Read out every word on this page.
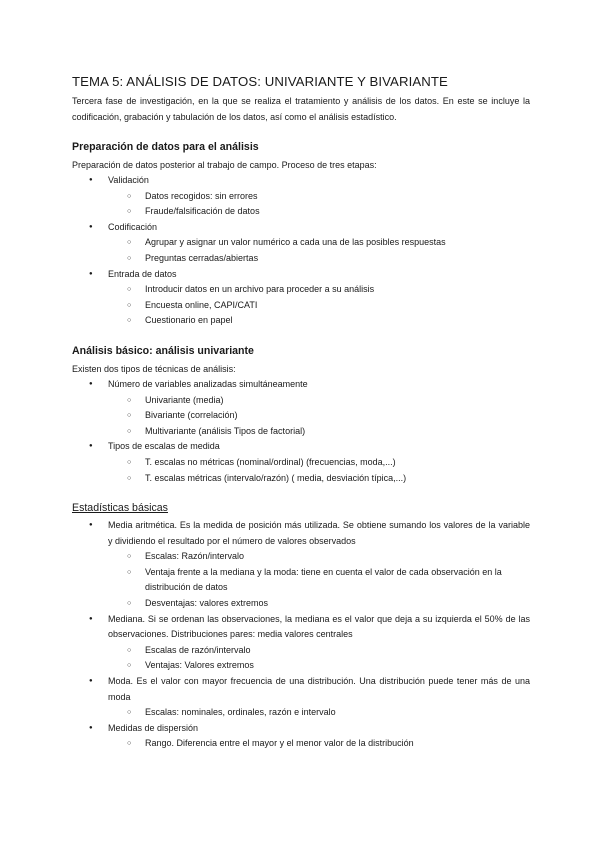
TEMA 5: ANÁLISIS DE DATOS: UNIVARIANTE Y BIVARIANTE

Tercera fase de investigación, en la que se realiza el tratamiento y análisis de los datos. En este se incluye la codificación, grabación y tabulación de los datos, así como el análisis estadístico.

Preparación de datos para el análisis

Preparación de datos posterior al trabajo de campo. Proceso de tres etapas:

● Validación
○ Datos recogidos: sin errores
○ Fraude/falsificación de datos
● Codificación
○ Agrupar y asignar un valor numérico a cada una de las posibles respuestas
○ Preguntas cerradas/abiertas
● Entrada de datos
○ Introducir datos en un archivo para proceder a su análisis
○ Encuesta online, CAPI/CATI
○ Cuestionario en papel
Análisis básico: análisis univariante

Existen dos tipos de técnicas de análisis:

● Número de variables analizadas simultáneamente
○ Univariante (media)
○ Bivariante (correlación)
○ Multivariante (análisis Tipos de factorial)
● Tipos de escalas de medida
○ T. escalas no métricas (nominal/ordinal) (frecuencias, moda,...)
○ T. escalas métricas (intervalo/razón) ( media, desviación típica,...)
Estadísticas básicas
● Media aritmética. Es la medida de posición más utilizada. Se obtiene sumando los valores de la variable y dividiendo el resultado por el número de valores observados
○ Escalas: Razón/intervalo
○ Ventaja frente a la mediana y la moda: tiene en cuenta el valor de cada observación en la distribución de datos
○ Desventajas: valores extremos
● Mediana. Si se ordenan las observaciones, la mediana es el valor que deja a su izquierda el 50% de las observaciones. Distribuciones pares: media valores centrales
○ Escalas de razón/intervalo
○ Ventajas: Valores extremos
● Moda. Es el valor con mayor frecuencia de una distribución. Una distribución puede tener más de una moda
○ Escalas: nominales, ordinales, razón e intervalo
● Medidas de dispersión
○ Rango. Diferencia entre el mayor y el menor valor de la distribución
